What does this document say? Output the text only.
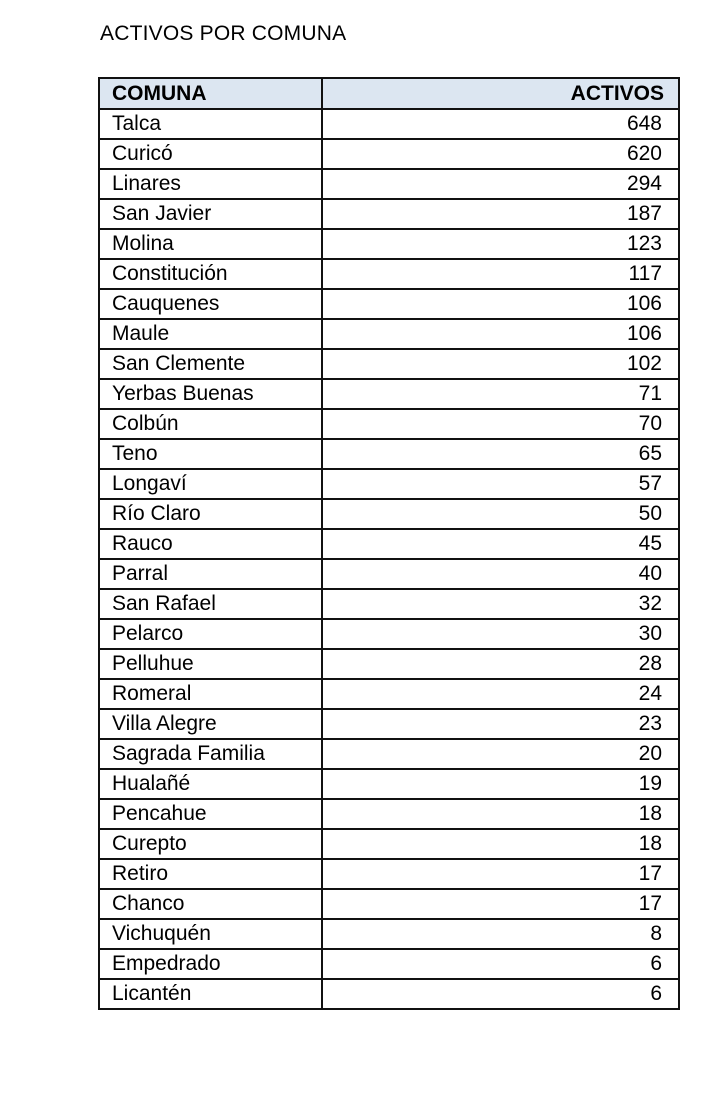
ACTIVOS POR COMUNA
COMUNA	ACTIVOS
Talca	648
Curicó	620
Linares	294
San Javier	187
Molina	123
Constitución	117
Cauquenes	106
Maule	106
San Clemente	102
Yerbas Buenas	71
Colbún	70
Teno	65
Longaví	57
Río Claro	50
Rauco	45
Parral	40
San Rafael	32
Pelarco	30
Pelluhue	28
Romeral	24
Villa Alegre	23
Sagrada Familia	20
Hualañé	19
Pencahue	18
Curepto	18
Retiro	17
Chanco	17
Vichuquén	8
Empedrado	6
Licantén	6
